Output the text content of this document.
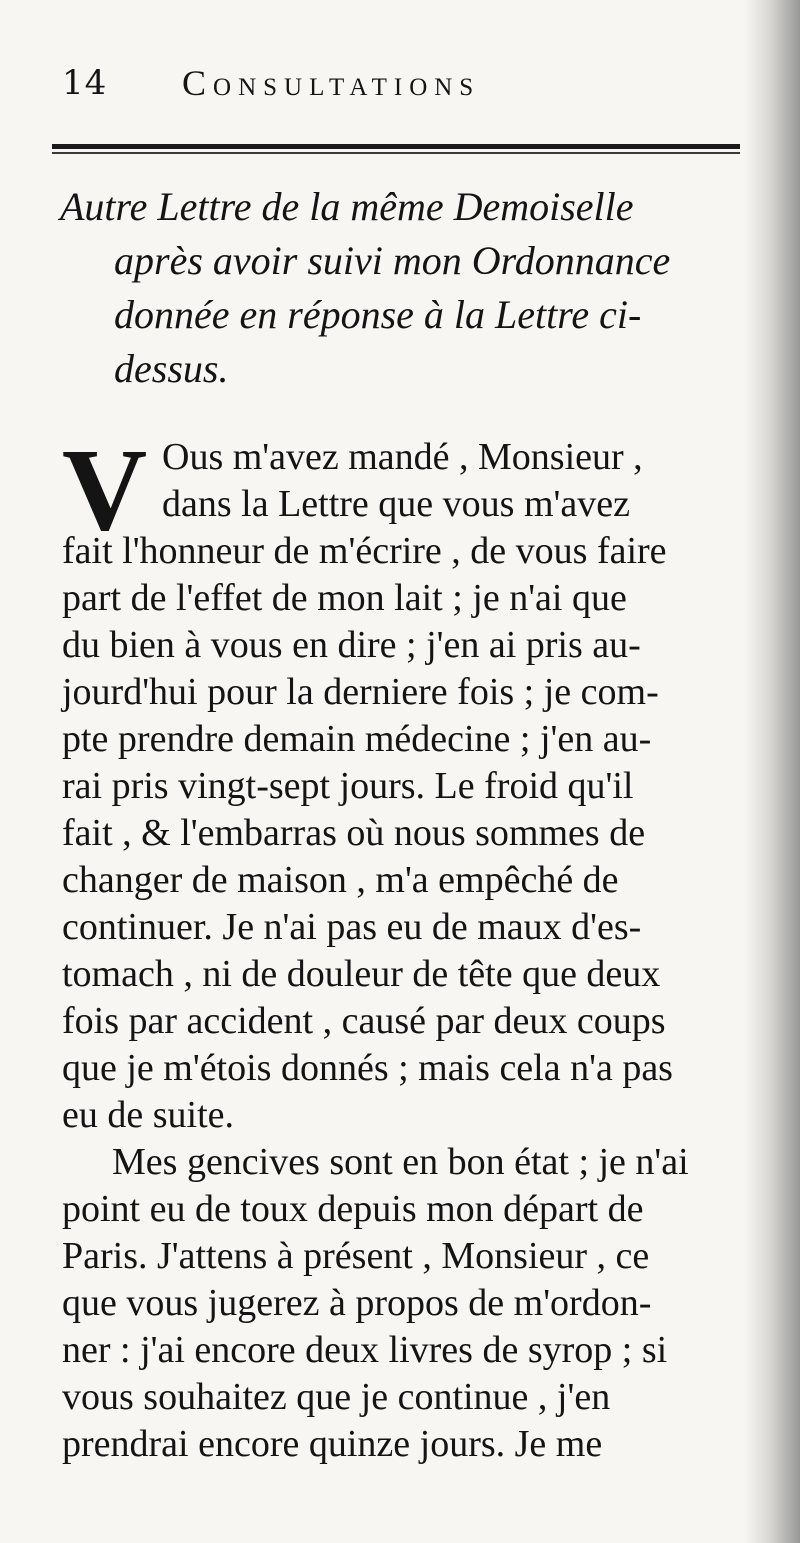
14 Consultations
Autre Lettre de la même Demoiselle
après avoir suivi mon Ordonnance
donnée en réponse à la Lettre ci-
dessus.
V Ous m'avez mandé , Monsieur ,
dans la Lettre que vous m'avez
fait l'honneur de m'écrire , de vous faire
part de l'effet de mon lait ; je n'ai que
du bien à vous en dire ; j'en ai pris au-
jourd'hui pour la derniere fois ; je com-
pte prendre demain médecine ; j'en au-
rai pris vingt-sept jours. Le froid qu'il
fait , & l'embarras où nous sommes de
changer de maison , m'a empêché de
continuer. Je n'ai pas eu de maux d'es-
tomach , ni de douleur de tête que deux
fois par accident , causé par deux coups
que je m'étois donnés ; mais cela n'a pas
eu de suite.
Mes gencives sont en bon état ; je n'ai
point eu de toux depuis mon départ de
Paris. J'attens à présent , Monsieur , ce
que vous jugerez à propos de m'ordon-
ner : j'ai encore deux livres de syrop ; si
vous souhaitez que je continue , j'en
prendrai encore quinze jours. Je me
